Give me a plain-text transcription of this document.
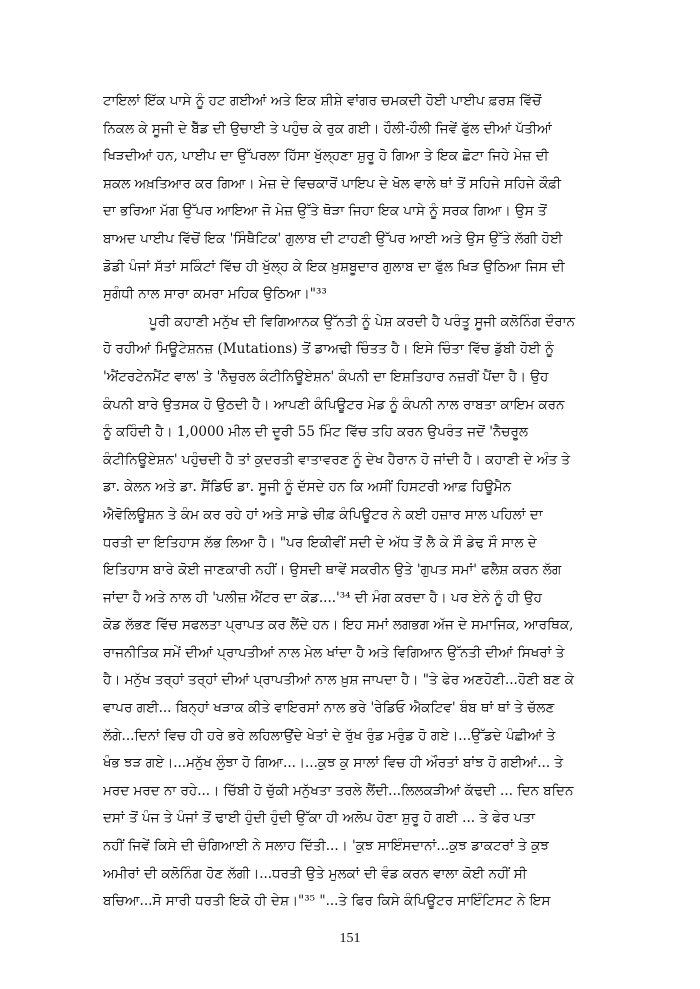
ਟਾਇਲਾਂ ਇੱਕ ਪਾਸੇ ਨੂੰ ਹਟ ਗਈਆਂ ਅਤੇ ਇਕ ਸ਼ੀਸ਼ੇ ਵਾਂਗਰ ਚਮਕਦੀ ਹੋਈ ਪਾਈਪ ਫ਼ਰਸ਼ ਵਿੱਚੋਂ
ਨਿਕਲ ਕੇ ਸੂਜੀ ਦੇ ਬੈੱਡ ਦੀ ਉਚਾਈ ਤੇ ਪਹੁੰਚ ਕੇ ਰੁਕ ਗਈ। ਹੌਲੀ-ਹੌਲੀ ਜਿਵੇਂ ਫੁੱਲ ਦੀਆਂ ਪੱਤੀਆਂ
ਖਿੜਦੀਆਂ ਹਨ, ਪਾਈਪ ਦਾ ਉੱਪਰਲਾ ਹਿੱਸਾ ਖੁੱਲ੍ਹਣਾ ਸ਼ੁਰੂ ਹੋ ਗਿਆ ਤੇ ਇਕ ਛੋਟਾ ਜਿਹੇ ਮੇਜ਼ ਦੀ
ਸ਼ਕਲ ਅਖ਼ਤਿਆਰ ਕਰ ਗਿਆ। ਮੇਜ਼ ਦੇ ਵਿਚਕਾਰੋਂ ਪਾਇਪ ਦੇ ਖੋਲ ਵਾਲੇ ਥਾਂ ਤੋਂ ਸਹਿਜੇ ਸਹਿਜੇ ਕੌਫ਼ੀ
ਦਾ ਭਰਿਆ ਮੱਗ ਉੱਪਰ ਆਇਆ ਜੋ ਮੇਜ਼ ਉੱਤੇ ਥੋੜਾ ਜਿਹਾ ਇਕ ਪਾਸੇ ਨੂੰ ਸਰਕ ਗਿਆ। ਉਸ ਤੋਂ
ਬਾਅਦ ਪਾਈਪ ਵਿੱਚੋਂ ਇਕ 'ਸਿੰਥੈਟਿਕ' ਗੁਲਾਬ ਦੀ ਟਾਹਣੀ ਉੱਪਰ ਆਈ ਅਤੇ ਉਸ ਉੱਤੇ ਲੱਗੀ ਹੋਈ
ਡੋਡੀ ਪੰਜਾਂ ਸੱਤਾਂ ਸਕਿੰਟਾਂ ਵਿੱਚ ਹੀ ਖੁੱਲ੍ਹ ਕੇ ਇਕ ਖ਼ੁਸ਼ਬੂਦਾਰ ਗੁਲਾਬ ਦਾ ਫੁੱਲ ਖਿੜ ਉਠਿਆ ਜਿਸ ਦੀ
ਸੁਗੰਧੀ ਨਾਲ ਸਾਰਾ ਕਮਰਾ ਮਹਿਕ ਉਠਿਆ।"³³
ਪੂਰੀ ਕਹਾਣੀ ਮਨੁੱਖ ਦੀ ਵਿਗਿਆਨਕ ਉੱਨਤੀ ਨੂੰ ਪੇਸ਼ ਕਰਦੀ ਹੈ ਪਰੰਤੂ ਸੂਜੀ ਕਲੋਨਿੰਗ ਦੌਰਾਨ
ਹੋ ਰਹੀਆਂ ਮਿਊਟੇਸ਼ਨਜ਼ (Mutations) ਤੋਂ ਡਾਅਢੀ ਚਿੰਤਤ ਹੈ। ਇਸੇ ਚਿੰਤਾ ਵਿੱਚ ਡੁੱਬੀ ਹੋਈ ਨੂੰ
'ਐਂਟਰਟੇਨਮੈਂਟ ਵਾਲ' ਤੇ 'ਨੈਚੁਰਲ ਕੰਟੀਨਿਊਏਸ਼ਨ' ਕੰਪਨੀ ਦਾ ਇਸ਼ਤਿਹਾਰ ਨਜ਼ਰੀਂ ਪੈਂਦਾ ਹੈ। ਉਹ
ਕੰਪਨੀ ਬਾਰੇ ਉਤਸਕ ਹੋ ਉਠਦੀ ਹੈ। ਆਪਣੀ ਕੰਪਿਊਟਰ ਮੇਡ ਨੂੰ ਕੰਪਨੀ ਨਾਲ ਰਾਬਤਾ ਕਾਇਮ ਕਰਨ
ਨੂੰ ਕਹਿੰਦੀ ਹੈ। 1,0000 ਮੀਲ ਦੀ ਦੂਰੀ 55 ਮਿੰਟ ਵਿੱਚ ਤਹਿ ਕਰਨ ਉਪਰੰਤ ਜਦੋਂ 'ਨੈਚਰੂਲ
ਕੰਟੀਨਿਊਏਸ਼ਨ' ਪਹੁੰਚਦੀ ਹੈ ਤਾਂ ਕੁਦਰਤੀ ਵਾਤਾਵਰਣ ਨੂੰ ਦੇਖ ਹੈਰਾਨ ਹੋ ਜਾਂਦੀ ਹੈ। ਕਹਾਣੀ ਦੇ ਅੰਤ ਤੇ
ਡਾ. ਕੇਲਨ ਅਤੇ ਡਾ. ਸੈਂਡਿਓ ਡਾ. ਸੂਜੀ ਨੂੰ ਦੱਸਦੇ ਹਨ ਕਿ ਅਸੀਂ ਹਿਸਟਰੀ ਆਫ਼ ਹਿਊਮੈਨ
ਐਵੋਲਿਊਸ਼ਨ ਤੇ ਕੰਮ ਕਰ ਰਹੇ ਹਾਂ ਅਤੇ ਸਾਡੇ ਚੀਫ਼ ਕੰਪਿਊਟਰ ਨੇ ਕਈ ਹਜ਼ਾਰ ਸਾਲ ਪਹਿਲਾਂ ਦਾ
ਧਰਤੀ ਦਾ ਇਤਿਹਾਸ ਲੱਭ ਲਿਆ ਹੈ। "ਪਰ ਇਕੀਵੀਂ ਸਦੀ ਦੇ ਅੱਧ ਤੋਂ ਲੈ ਕੇ ਸੌ ਡੇਢ ਸੌ ਸਾਲ ਦੇ
ਇਤਿਹਾਸ ਬਾਰੇ ਕੋਈ ਜਾਣਕਾਰੀ ਨਹੀਂ। ਉਸਦੀ ਥਾਵੇਂ ਸਕਰੀਨ ਉਤੇ 'ਗੁਪਤ ਸਮਾਂ' ਫਲੈਸ਼ ਕਰਨ ਲੱਗ
ਜਾਂਦਾ ਹੈ ਅਤੇ ਨਾਲ ਹੀ 'ਪਲੀਜ਼ ਐਂਟਰ ਦਾ ਕੋਡ....'³⁴ ਦੀ ਮੰਗ ਕਰਦਾ ਹੈ। ਪਰ ਏਨੇ ਨੂੰ ਹੀ ਉਹ
ਕੋਡ ਲੱਭਣ ਵਿੱਚ ਸਫਲਤਾ ਪ੍ਰਾਪਤ ਕਰ ਲੈਂਦੇ ਹਨ। ਇਹ ਸਮਾਂ ਲਗਭਗ ਅੱਜ ਦੇ ਸਮਾਜਿਕ, ਆਰਥਿਕ,
ਰਾਜਨੀਤਿਕ ਸਮੇਂ ਦੀਆਂ ਪ੍ਰਾਪਤੀਆਂ ਨਾਲ ਮੇਲ ਖਾਂਦਾ ਹੈ ਅਤੇ ਵਿਗਿਆਨ ਉੱਨਤੀ ਦੀਆਂ ਸਿਖਰਾਂ ਤੇ
ਹੈ। ਮਨੁੱਖ ਤਰ੍ਹਾਂ ਤਰ੍ਹਾਂ ਦੀਆਂ ਪ੍ਰਾਪਤੀਆਂ ਨਾਲ ਖ਼ੁਸ਼ ਜਾਪਦਾ ਹੈ। "ਤੇ ਫੇਰ ਅਣਹੋਣੀ...ਹੋਣੀ ਬਣ ਕੇ
ਵਾਪਰ ਗਈ... ਬਿਨ੍ਹਾਂ ਖੜਾਕ ਕੀਤੇ ਵਾਇਰਸਾਂ ਨਾਲ ਭਰੇ 'ਰੇਡਿਓ ਐਕਟਿਵ' ਬੰਬ ਥਾਂ ਥਾਂ ਤੇ ਚੱਲਣ
ਲੱਗੇ...ਦਿਨਾਂ ਵਿਚ ਹੀ ਹਰੇ ਭਰੇ ਲਹਿਲਾਉਂਦੇ ਖੇਤਾਂ ਦੇ ਰੁੱਖ ਰੁੰਡ ਮਰੁੰਡ ਹੋ ਗਏ।...ਉੱਡਦੇ ਪੰਛੀਆਂ ਤੇ
ਖੰਭ ਝੜ ਗਏ।...ਮਨੁੱਖ ਲੁੰਝਾ ਹੋ ਗਿਆ...।...ਕੁਝ ਕੁ ਸਾਲਾਂ ਵਿਚ ਹੀ ਔਰਤਾਂ ਬਾਂਝ ਹੋ ਗਈਆਂ... ਤੇ
ਮਰਦ ਮਰਦ ਨਾ ਰਹੇ...। ਚਿੱਬੀ ਹੋ ਚੁੱਕੀ ਮਨੁੱਖਤਾ ਤਰਲੇ ਲੈਂਦੀ...ਲਿਲਕੜੀਆਂ ਕੱਢਦੀ ... ਦਿਨ ਬਦਿਨ
ਦਸਾਂ ਤੋਂ ਪੰਜ ਤੇ ਪੰਜਾਂ ਤੋਂ ਢਾਈ ਹੁੰਦੀ ਹੁੰਦੀ ਉੱਕਾ ਹੀ ਅਲੋਪ ਹੋਣਾ ਸ਼ੁਰੂ ਹੋ ਗਈ ... ਤੇ ਫੇਰ ਪਤਾ
ਨਹੀਂ ਜਿਵੇਂ ਕਿਸੇ ਦੀ ਚੰਗਿਆਈ ਨੇ ਸਲਾਹ ਦਿੱਤੀ...। 'ਕੁਝ ਸਾਇੰਸਦਾਨਾਂ...ਕੁਝ ਡਾਕਟਰਾਂ ਤੇ ਕੁਝ
ਅਮੀਰਾਂ ਦੀ ਕਲੋਨਿੰਗ ਹੋਣ ਲੱਗੀ।...ਧਰਤੀ ਉਤੇ ਮੁਲਕਾਂ ਦੀ ਵੰਡ ਕਰਨ ਵਾਲਾ ਕੋਈ ਨਹੀਂ ਸੀ
ਬਚਿਆ...ਸੋ ਸਾਰੀ ਧਰਤੀ ਇਕੋ ਹੀ ਦੇਸ਼।"³⁵ "...ਤੇ ਫਿਰ ਕਿਸੇ ਕੰਪਿਊਟਰ ਸਾਇੰਟਿਸਟ ਨੇ ਇਸ
151
